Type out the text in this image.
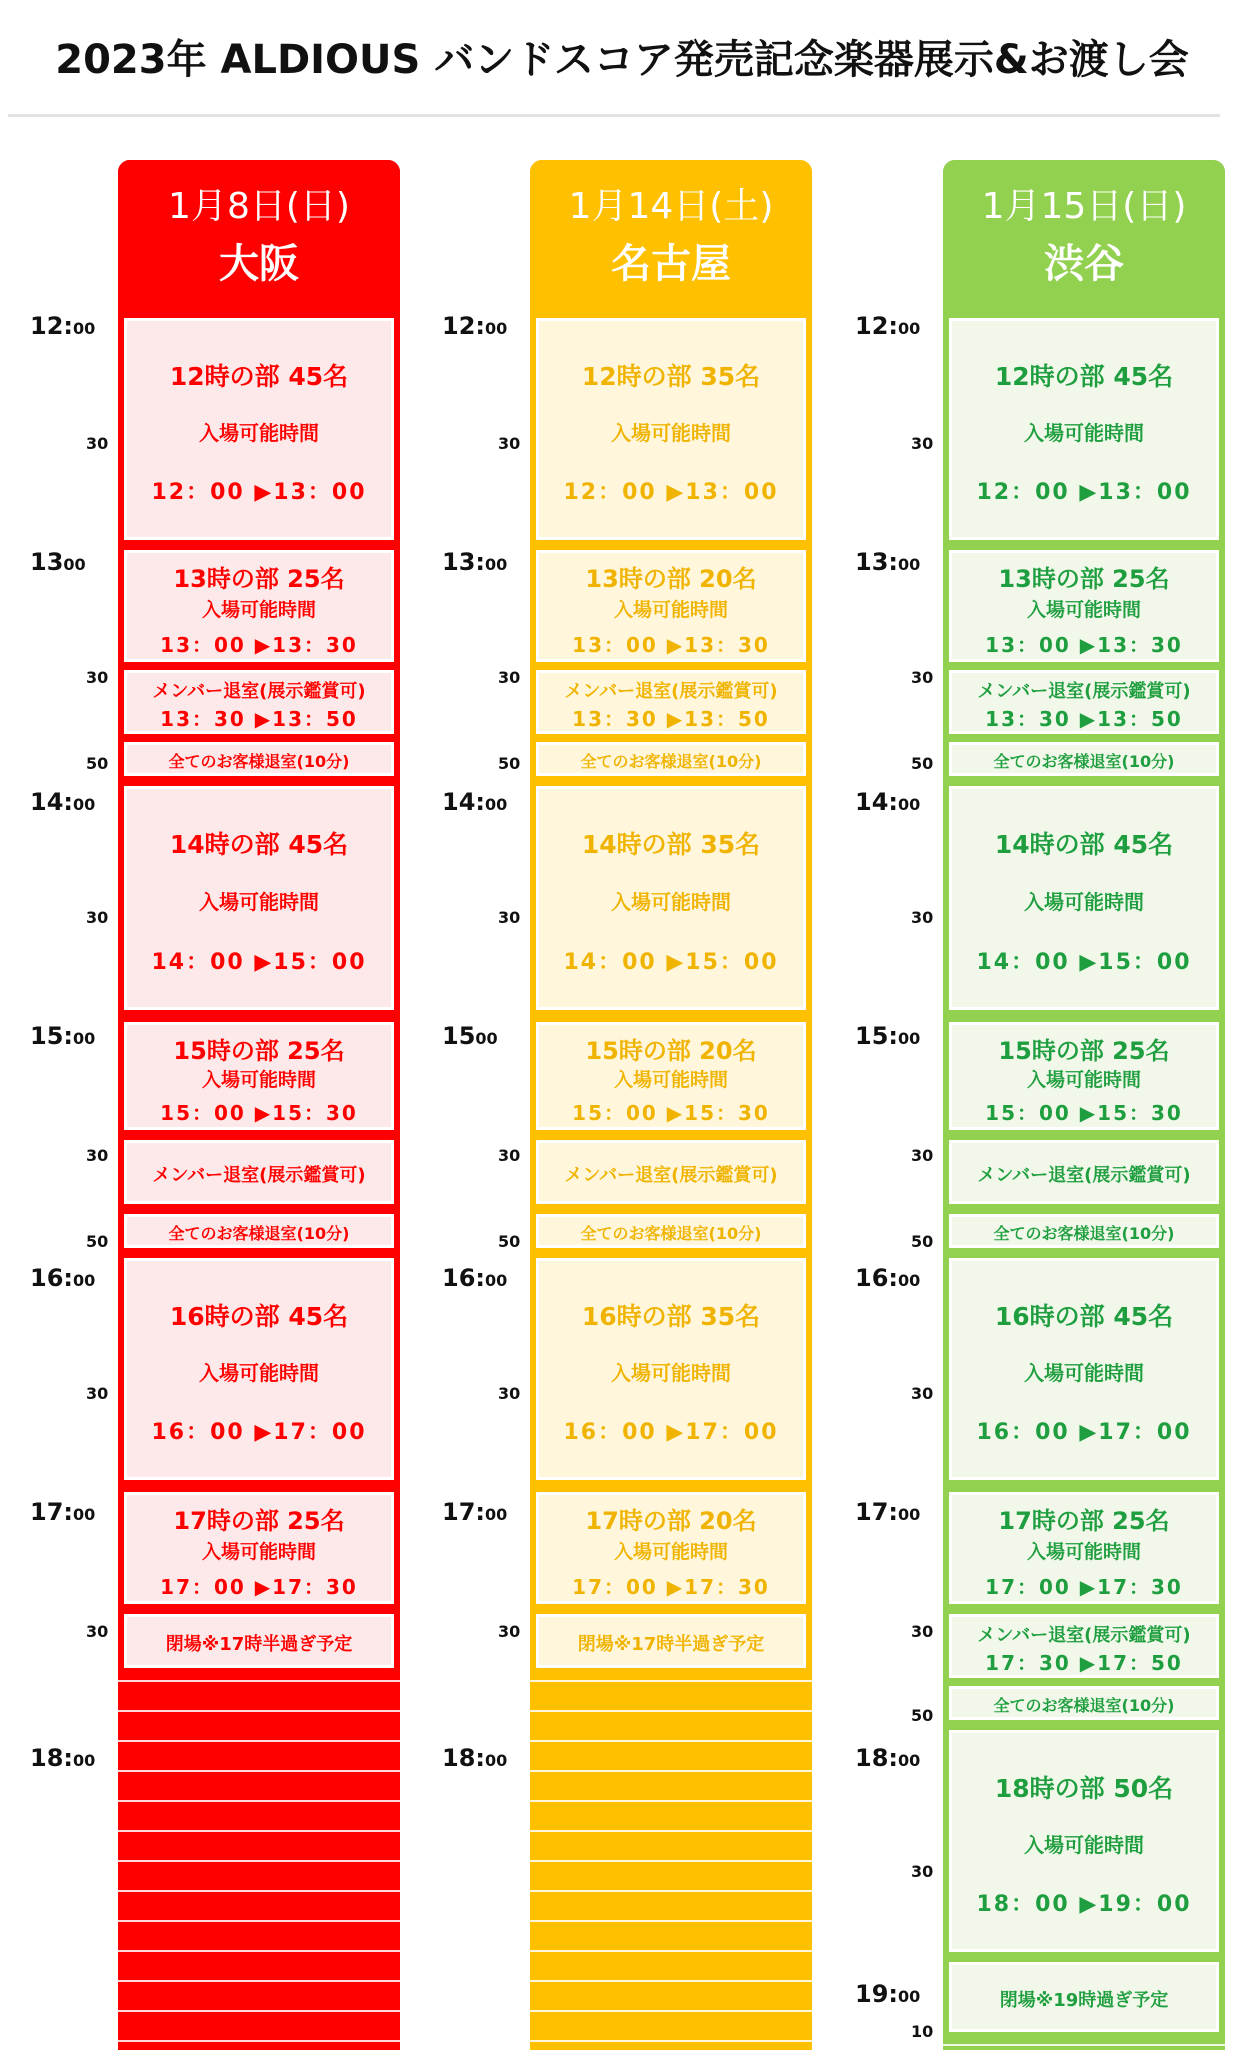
2023年 ALDIOUS バンドスコア発売記念楽器展示&お渡し会
1月8日(日)
大阪
12時の部 45名
入場可能時間
12：00 ▶13：00
13時の部 25名
入場可能時間
13：00 ▶13：30
メンバー退室(展示鑑賞可)
13：30 ▶13：50
全てのお客様退室(10分)
14時の部 45名
入場可能時間
14：00 ▶15：00
15時の部 25名
入場可能時間
15：00 ▶15：30
メンバー退室(展示鑑賞可)
全てのお客様退室(10分)
16時の部 45名
入場可能時間
16：00 ▶17：00
17時の部 25名
入場可能時間
17：00 ▶17：30
閉場※17時半過ぎ予定
12:00
30
1300
30
50
14:00
30
15:00
30
50
16:00
30
17:00
30
18:00
1月14日(土)
名古屋
12時の部 35名
入場可能時間
12：00 ▶13：00
13時の部 20名
入場可能時間
13：00 ▶13：30
メンバー退室(展示鑑賞可)
13：30 ▶13：50
全てのお客様退室(10分)
14時の部 35名
入場可能時間
14：00 ▶15：00
15時の部 20名
入場可能時間
15：00 ▶15：30
メンバー退室(展示鑑賞可)
全てのお客様退室(10分)
16時の部 35名
入場可能時間
16：00 ▶17：00
17時の部 20名
入場可能時間
17：00 ▶17：30
閉場※17時半過ぎ予定
12:00
30
13:00
30
50
14:00
30
1500
30
50
16:00
30
17:00
30
18:00
1月15日(日)
渋谷
12時の部 45名
入場可能時間
12：00 ▶13：00
13時の部 25名
入場可能時間
13：00 ▶13：30
メンバー退室(展示鑑賞可)
13：30 ▶13：50
全てのお客様退室(10分)
14時の部 45名
入場可能時間
14：00 ▶15：00
15時の部 25名
入場可能時間
15：00 ▶15：30
メンバー退室(展示鑑賞可)
全てのお客様退室(10分)
16時の部 45名
入場可能時間
16：00 ▶17：00
17時の部 25名
入場可能時間
17：00 ▶17：30
メンバー退室(展示鑑賞可)
17：30 ▶17：50
全てのお客様退室(10分)
18時の部 50名
入場可能時間
18：00 ▶19：00
閉場※19時過ぎ予定
12:00
30
13:00
30
50
14:00
30
15:00
30
50
16:00
30
17:00
30
50
18:00
30
19:00
10
